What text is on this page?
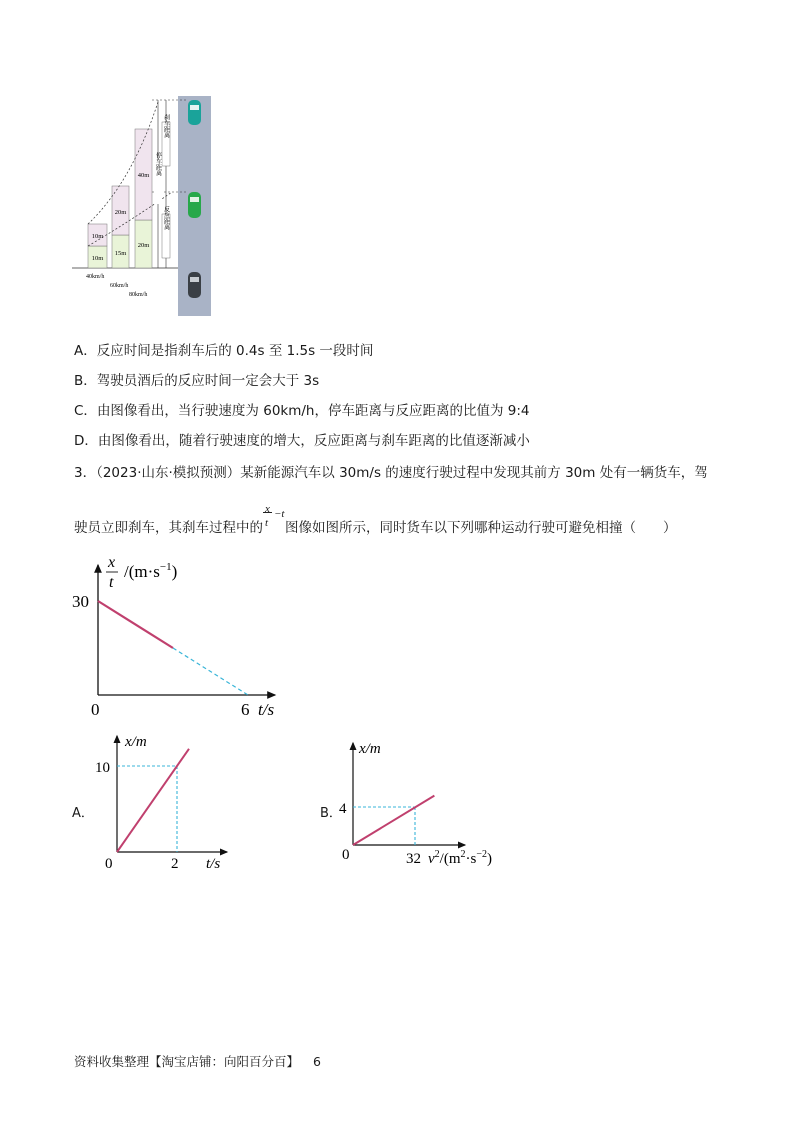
10m
10m
15m
20m
20m
40m
刹车距离
反应距离
停车距离
40km/h
60km/h
80km/h
A．反应时间是指刹车后的 0.4s 至 1.5s 一段时间
B．驾驶员酒后的反应时间一定会大于 3s
C．由图像看出，当行驶速度为 60km/h，停车距离与反应距离的比值为 9:4
D．由图像看出，随着行驶速度的增大，反应距离与刹车距离的比值逐渐减小
3．（2023·山东·模拟预测）某新能源汽车以 30m/s 的速度行驶过程中发现其前方 30m 处有一辆货车，驾
驶员立即刹车，其刹车过程中的
x
t
−t
图像如图所示，同时货车以下列哪种运动行驶可避免相撞（　　）
x
t
$/(m\cdot s^{-1})$
30
0	6 t/s
A．
x/m
10
0	2 t/s
B．
x/m
4
0	32 $v^2/(m^2\cdot s^{-2})$
资料收集整理【淘宝店铺：向阳百分百】 6
